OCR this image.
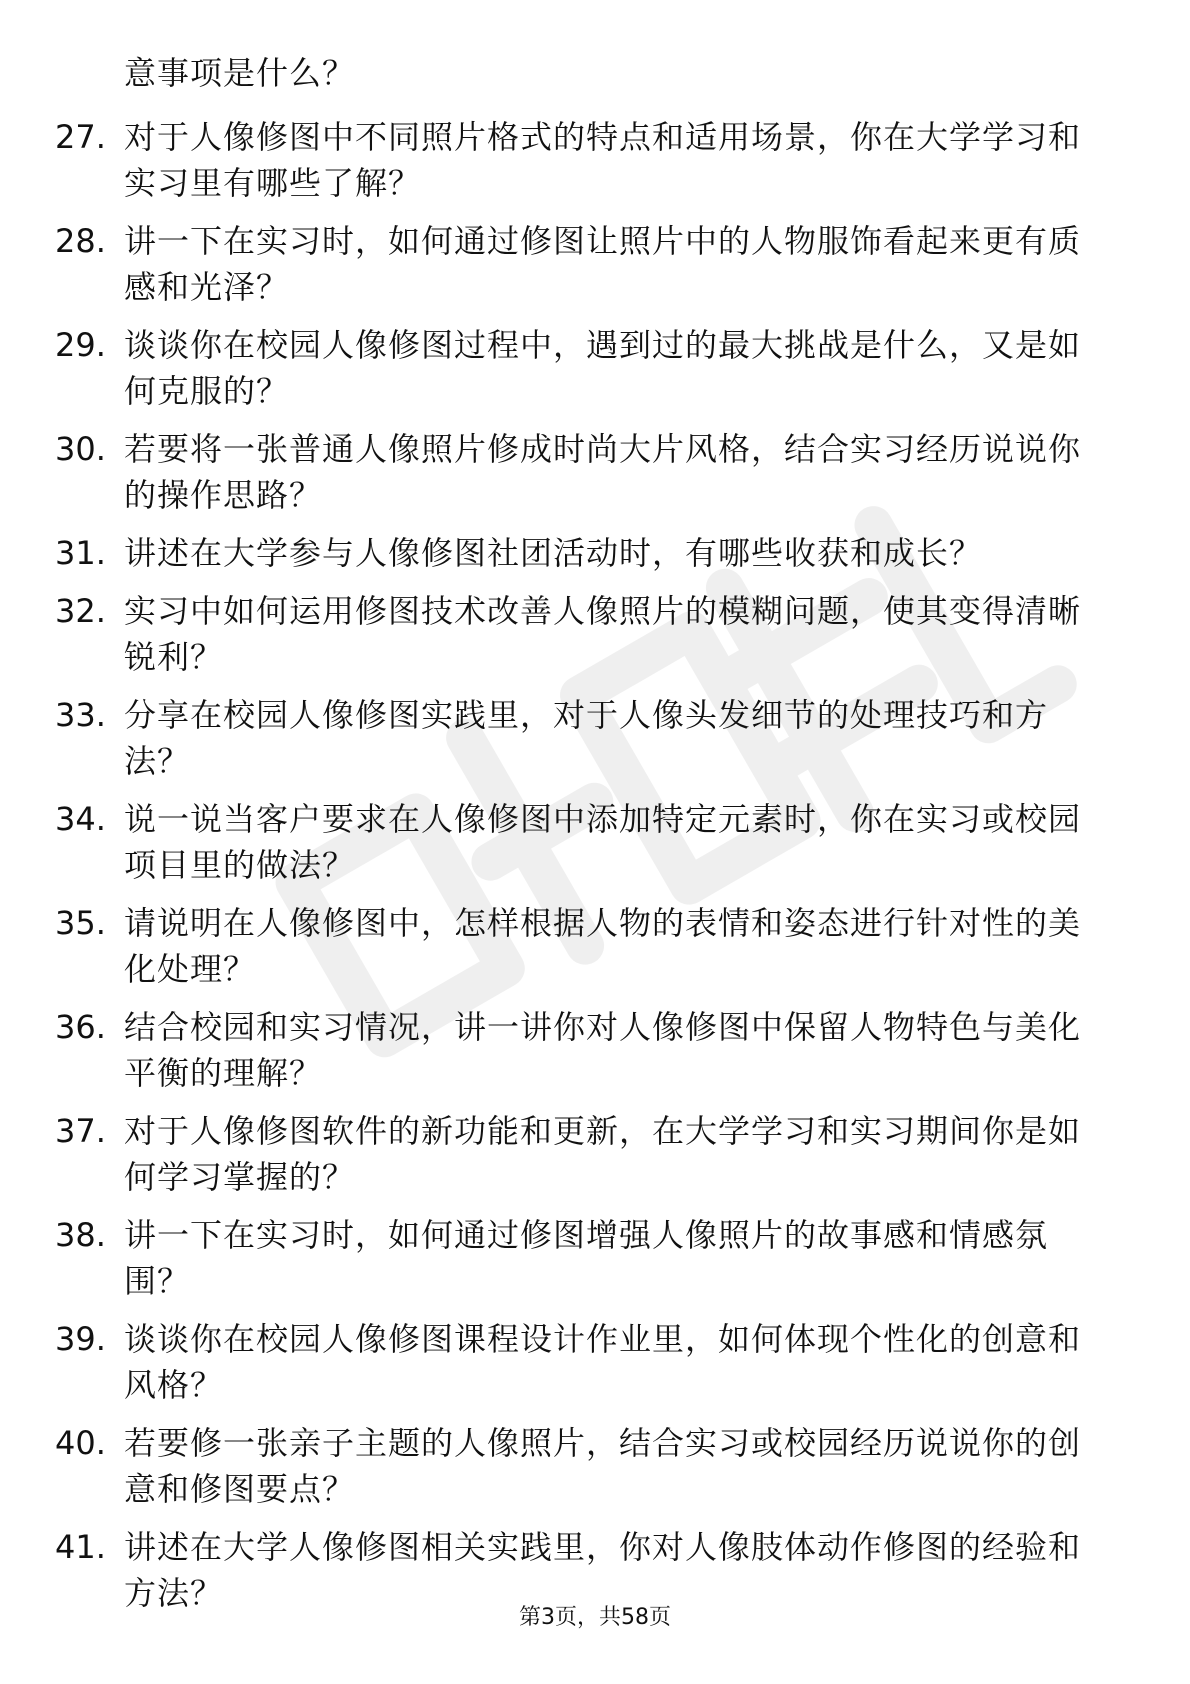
意事项是什么？
27. 对于人像修图中不同照片格式的特点和适用场景，你在大学学习和实习里有哪些了解？
28. 讲一下在实习时，如何通过修图让照片中的人物服饰看起来更有质感和光泽？
29. 谈谈你在校园人像修图过程中，遇到过的最大挑战是什么，又是如何克服的？
30. 若要将一张普通人像照片修成时尚大片风格，结合实习经历说说你的操作思路？
31. 讲述在大学参与人像修图社团活动时，有哪些收获和成长？
32. 实习中如何运用修图技术改善人像照片的模糊问题，使其变得清晰锐利？
33. 分享在校园人像修图实践里，对于人像头发细节的处理技巧和方法？
34. 说一说当客户要求在人像修图中添加特定元素时，你在实习或校园项目里的做法？
35. 请说明在人像修图中，怎样根据人物的表情和姿态进行针对性的美化处理？
36. 结合校园和实习情况，讲一讲你对人像修图中保留人物特色与美化平衡的理解？
37. 对于人像修图软件的新功能和更新，在大学学习和实习期间你是如何学习掌握的？
38. 讲一下在实习时，如何通过修图增强人像照片的故事感和情感氛围？
39. 谈谈你在校园人像修图课程设计作业里，如何体现个性化的创意和风格？
40. 若要修一张亲子主题的人像照片，结合实习或校园经历说说你的创意和修图要点？
41. 讲述在大学人像修图相关实践里，你对人像肢体动作修图的经验和方法？
第3页，共58页
